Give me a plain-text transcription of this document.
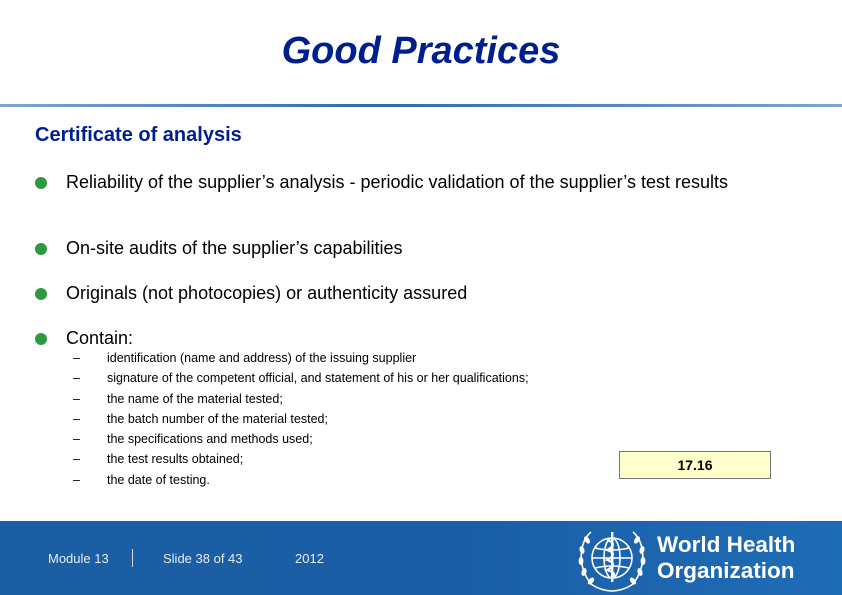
Good Practices
Certificate of analysis
Reliability of the supplier’s analysis - periodic validation of the supplier’s test results
On-site audits of the supplier’s capabilities
Originals (not photocopies) or authenticity assured
Contain:
–	identification (name and address) of the issuing supplier
–	signature of the competent official, and statement of his or her qualifications;
–	the name of the material tested;
–	the batch number of the material tested;
–	the specifications and methods used;
–	the test results obtained;
–	the date of testing.
17.16
Module 13	Slide 38 of 43	2012
World Health
Organization
